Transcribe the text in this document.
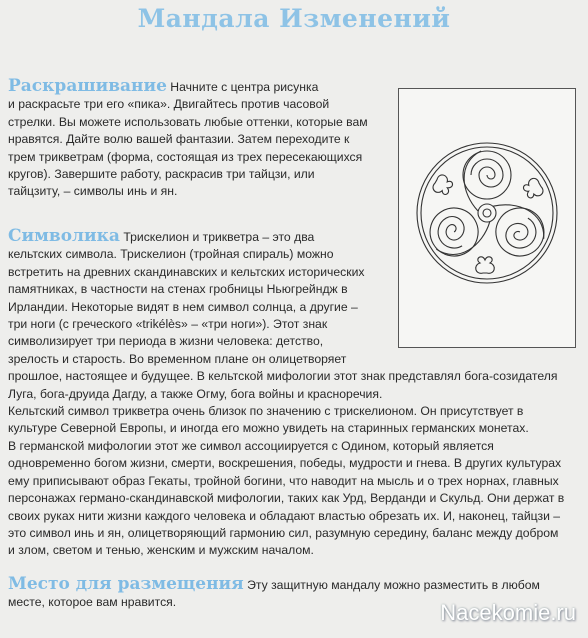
Мандала Изменений
Раскрашивание Начните с центра рисунка
и раскрасьте три его «пика». Двигайтесь против часовой
стрелки. Вы можете использовать любые оттенки, которые вам
нравятся. Дайте волю вашей фантазии. Затем переходите к
трем трикветрам (форма, состоящая из трех пересекающихся
кругов). Завершите работу, раскрасив три тайцзи, или
тайцзиту, – символы инь и ян.
Символика Трискелион и трикветра – это два
кельтских символа. Трискелион (тройная спираль) можно
встретить на древних скандинавских и кельтских исторических
памятниках, в частности на стенах гробницы Ньюгрейндж в
Ирландии. Некоторые видят в нем символ солнца, а другие –
три ноги (с греческого «trikélès» – «три ноги»). Этот знак
символизирует три периода в жизни человека: детство,
зрелость и старость. Во временном плане он олицетворяет
прошлое, настоящее и будущее. В кельтской мифологии этот знак представлял бога-созидателя
Луга, бога-друида Дагду, а также Огму, бога войны и красноречия.
Кельтский символ трикветра очень близок по значению с трискелионом. Он присутствует в
культуре Северной Европы, и иногда его можно увидеть на старинных германских монетах.
В германской мифологии этот же символ ассоциируется с Одином, который является
одновременно богом жизни, смерти, воскрешения, победы, мудрости и гнева. В других культурах
ему приписывают образ Гекаты, тройной богини, что наводит на мысль и о трех норнах, главных
персонажах германо-скандинавской мифологии, таких как Урд, Верданди и Скульд. Они держат в
своих руках нити жизни каждого человека и обладают властью обрезать их. И, наконец, тайцзи –
это символ инь и ян, олицетворяющий гармонию сил, разумную середину, баланс между добром
и злом, светом и тенью, женским и мужским началом.
Место для размещения Эту защитную мандалу можно разместить в любом
месте, которое вам нравится.	Nacekomie.ru
